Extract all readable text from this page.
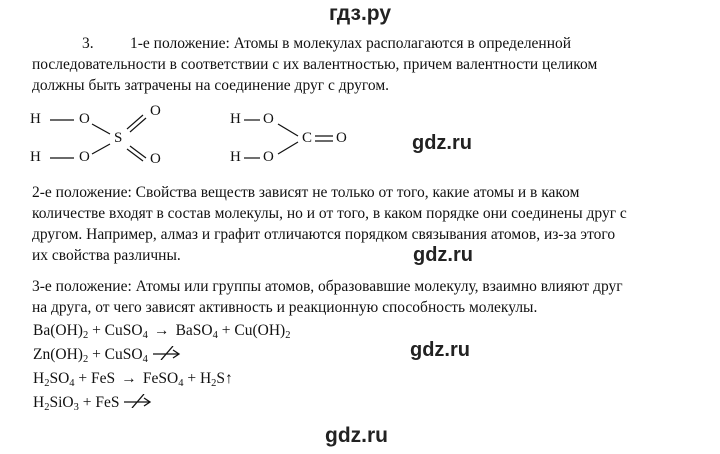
гдз.ру
3. 1-е положение: Атомы в молекулах располагаются в определенной
последовательности в соответствии с их валентностью, причем валентности целиком
должны быть затрачены на соединение друг с другом.
H
H
O
O
S
O
O
H
H
O
O
C O	gdz.ru
2-е положение: Свойства веществ зависят не только от того, какие атомы и в каком
количестве входят в состав молекулы, но и от того, в каком порядке они соединены друг с
другом. Например, алмаз и графит отличаются порядком связывания атомов, из-за этого
их свойства различны.	gdz.ru
3-е положение: Атомы или группы атомов, образовавшие молекулу, взаимно влияют друг
на друга, от чего зависят активность и реакционную способность молекулы.
$Ba(OH)_2$ + CuSO$_4$ → BaSO$_4$ + $Cu(OH)_2$
$Zn(OH)_2$ + CuSO$_4$	gdz.ru
$H_2SO_4$ + FeS → FeSO$_4$ + $H_2S↑$
$H_2SiO_3$ + FeS
gdz.ru
